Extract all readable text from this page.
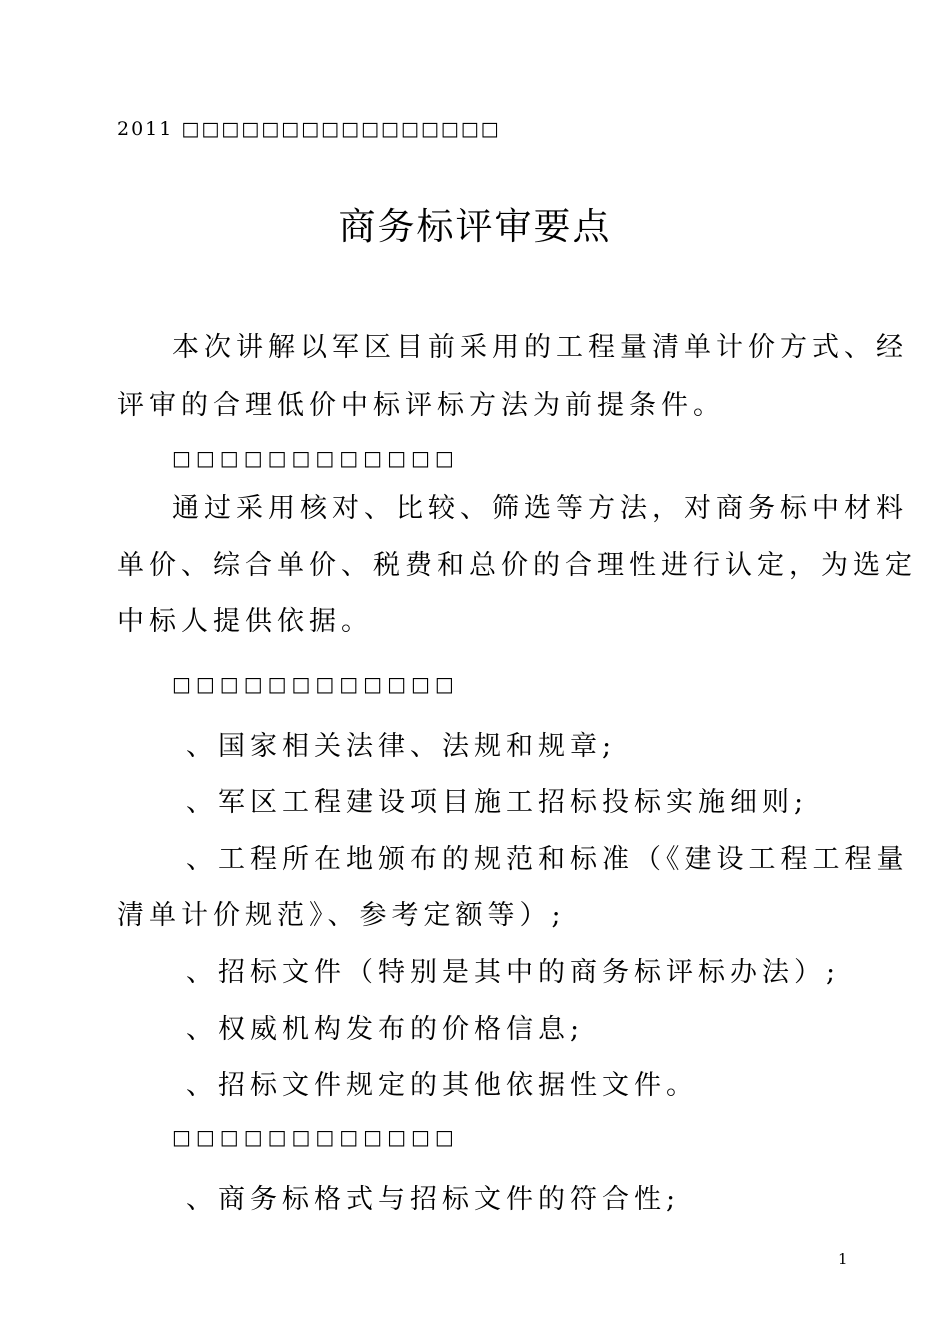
2011 □□□□□□□□□□□□□□□□
商务标评审要点
本次讲解以军区目前采用的工程量清单计价方式、经
评审的合理低价中标评标方法为前提条件。
□□□□□□□□□□□□
通过采用核对、比较、筛选等方法，对商务标中材料
单价、综合单价、税费和总价的合理性进行认定，为选定
中标人提供依据。
□□□□□□□□□□□□
、国家相关法律、法规和规章;
、军区工程建设项目施工招标投标实施细则;
、工程所在地颁布的规范和标准（《建设工程工程量
清单计价规范》、参考定额等）;
、招标文件（特别是其中的商务标评标办法）;
、权威机构发布的价格信息;
、招标文件规定的其他依据性文件。
□□□□□□□□□□□□
、商务标格式与招标文件的符合性;
1
